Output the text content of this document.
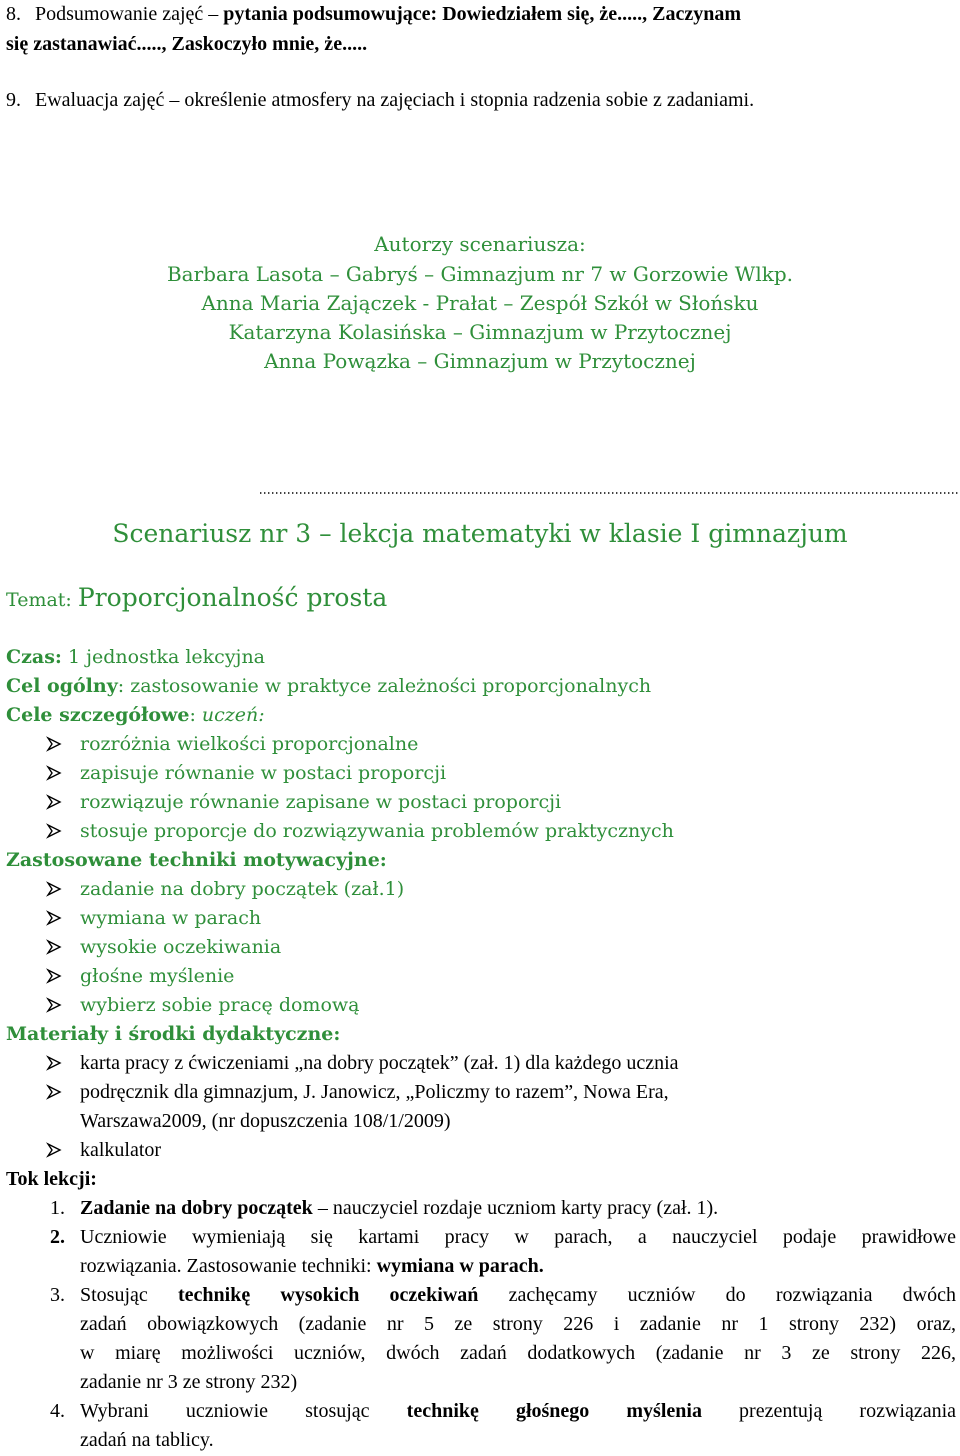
8. Podsumowanie zajęć – pytania podsumowujące: Dowiedziałem się, że....., Zaczynam
się zastanawiać....., Zaskoczyło mnie, że.....
9. Ewaluacja zajęć – określenie atmosfery na zajęciach i stopnia radzenia sobie z zadaniami.
Autorzy scenariusza:
Barbara Lasota – Gabryś – Gimnazjum nr 7 w Gorzowie Wlkp.
Anna Maria Zajączek - Prałat – Zespół Szkół w Słońsku
Katarzyna Kolasińska – Gimnazjum w Przytocznej
Anna Powązka – Gimnazjum w Przytocznej
Scenariusz nr 3 – lekcja matematyki w klasie I gimnazjum
Temat: Proporcjonalność prosta
Czas: 1 jednostka lekcyjna
Cel ogólny: zastosowanie w praktyce zależności proporcjonalnych
Cele szczegółowe: uczeń:
rozróżnia wielkości proporcjonalne
zapisuje równanie w postaci proporcji
rozwiązuje równanie zapisane w postaci proporcji
stosuje proporcje do rozwiązywania problemów praktycznych
Zastosowane techniki motywacyjne:
zadanie na dobry początek (zał.1)
wymiana w parach
wysokie oczekiwania
głośne myślenie
wybierz sobie pracę domową
Materiały i środki dydaktyczne:
karta pracy z ćwiczeniami „na dobry początek” (zał. 1) dla każdego ucznia
podręcznik dla gimnazjum, J. Janowicz, „Policzmy to razem”, Nowa Era,
Warszawa2009, (nr dopuszczenia 108/1/2009)
kalkulator
Tok lekcji:
1. Zadanie na dobry początek – nauczyciel rozdaje uczniom karty pracy (zał. 1).
2. Uczniowie wymieniają się kartami pracy w parach, a nauczyciel podaje prawidłowe
rozwiązania. Zastosowanie techniki: wymiana w parach.
3. Stosując technikę wysokich oczekiwań zachęcamy uczniów do rozwiązania dwóch
zadań obowiązkowych (zadanie nr 5 ze strony 226 i zadanie nr 1 strony 232) oraz,
w miarę możliwości uczniów, dwóch zadań dodatkowych (zadanie nr 3 ze strony 226,
zadanie nr 3 ze strony 232)
4. Wybrani uczniowie stosując technikę głośnego myślenia prezentują rozwiązania
zadań na tablicy.
